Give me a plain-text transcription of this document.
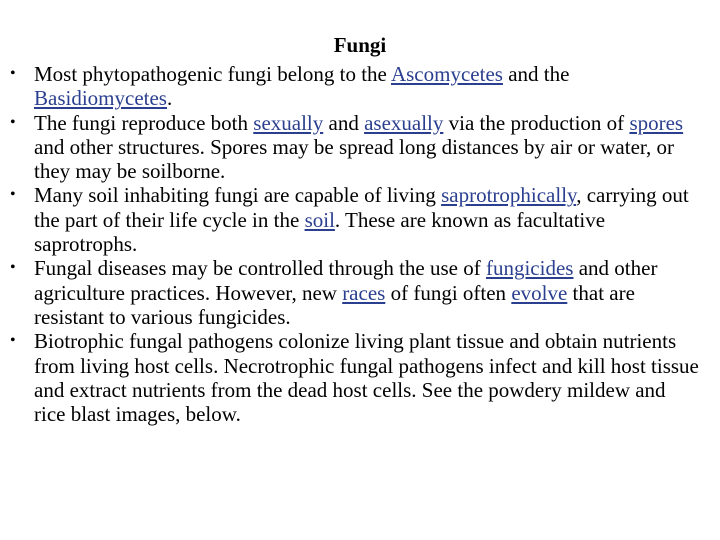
Fungi
• Most phytopathogenic fungi belong to the Ascomycetes and the Basidiomycetes.
• The fungi reproduce both sexually and asexually via the production of spores and other structures. Spores may be spread long distances by air or water, or they may be soilborne.
• Many soil inhabiting fungi are capable of living saprotrophically, carrying out the part of their life cycle in the soil. These are known as facultative saprotrophs.
• Fungal diseases may be controlled through the use of fungicides and other agriculture practices. However, new races of fungi often evolve that are resistant to various fungicides.
• Biotrophic fungal pathogens colonize living plant tissue and obtain nutrients from living host cells. Necrotrophic fungal pathogens infect and kill host tissue and extract nutrients from the dead host cells. See the powdery mildew and rice blast images, below.
